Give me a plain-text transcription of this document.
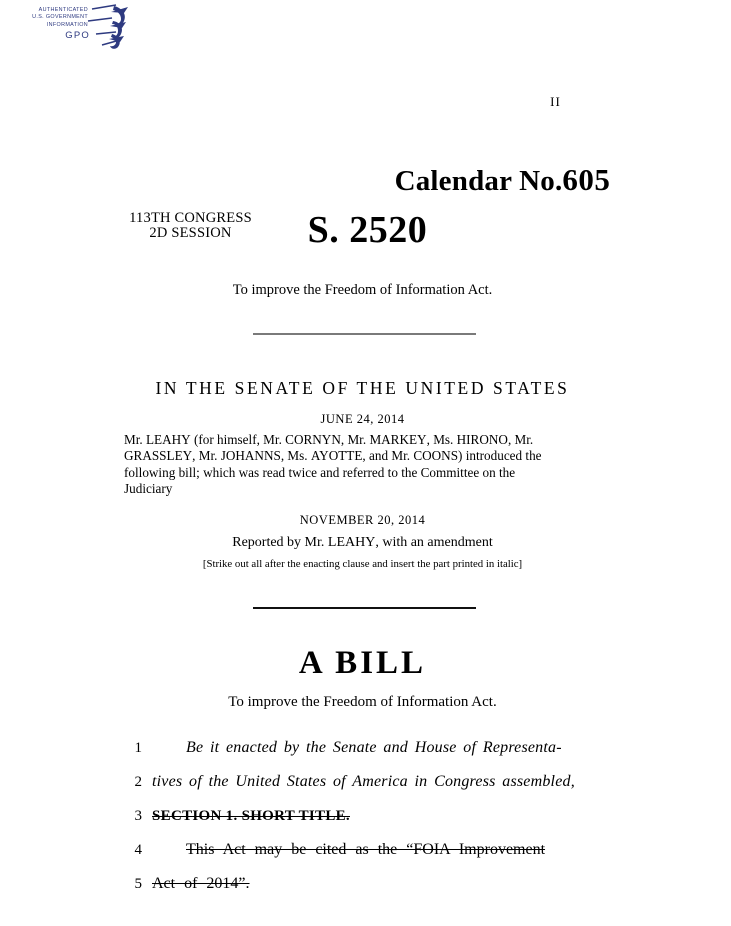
AUTHENTICATED
U.S. GOVERNMENT
INFORMATION
GPO
II
Calendar No.605
113TH CONGRESS
2D SESSION	S. 2520
To improve the Freedom of Information Act.
IN THE SENATE OF THE UNITED STATES
JUNE 24, 2014
Mr. LEAHY (for himself, Mr. CORNYN, Mr. MARKEY, Ms. HIRONO, Mr.
GRASSLEY, Mr. JOHANNS, Ms. AYOTTE, and Mr. COONS) introduced the
following bill; which was read twice and referred to the Committee on the
Judiciary
NOVEMBER 20, 2014
Reported by Mr. LEAHY, with an amendment
[Strike out all after the enacting clause and insert the part printed in italic]
A BILL
To improve the Freedom of Information Act.
1	Be it enacted by the Senate and House of Representa-
2 tives of the United States of America in Congress assembled,
3 SECTION 1. SHORT TITLE.
4	This Act may be cited as the “FOIA Improvement
5 Act of 2014”.
